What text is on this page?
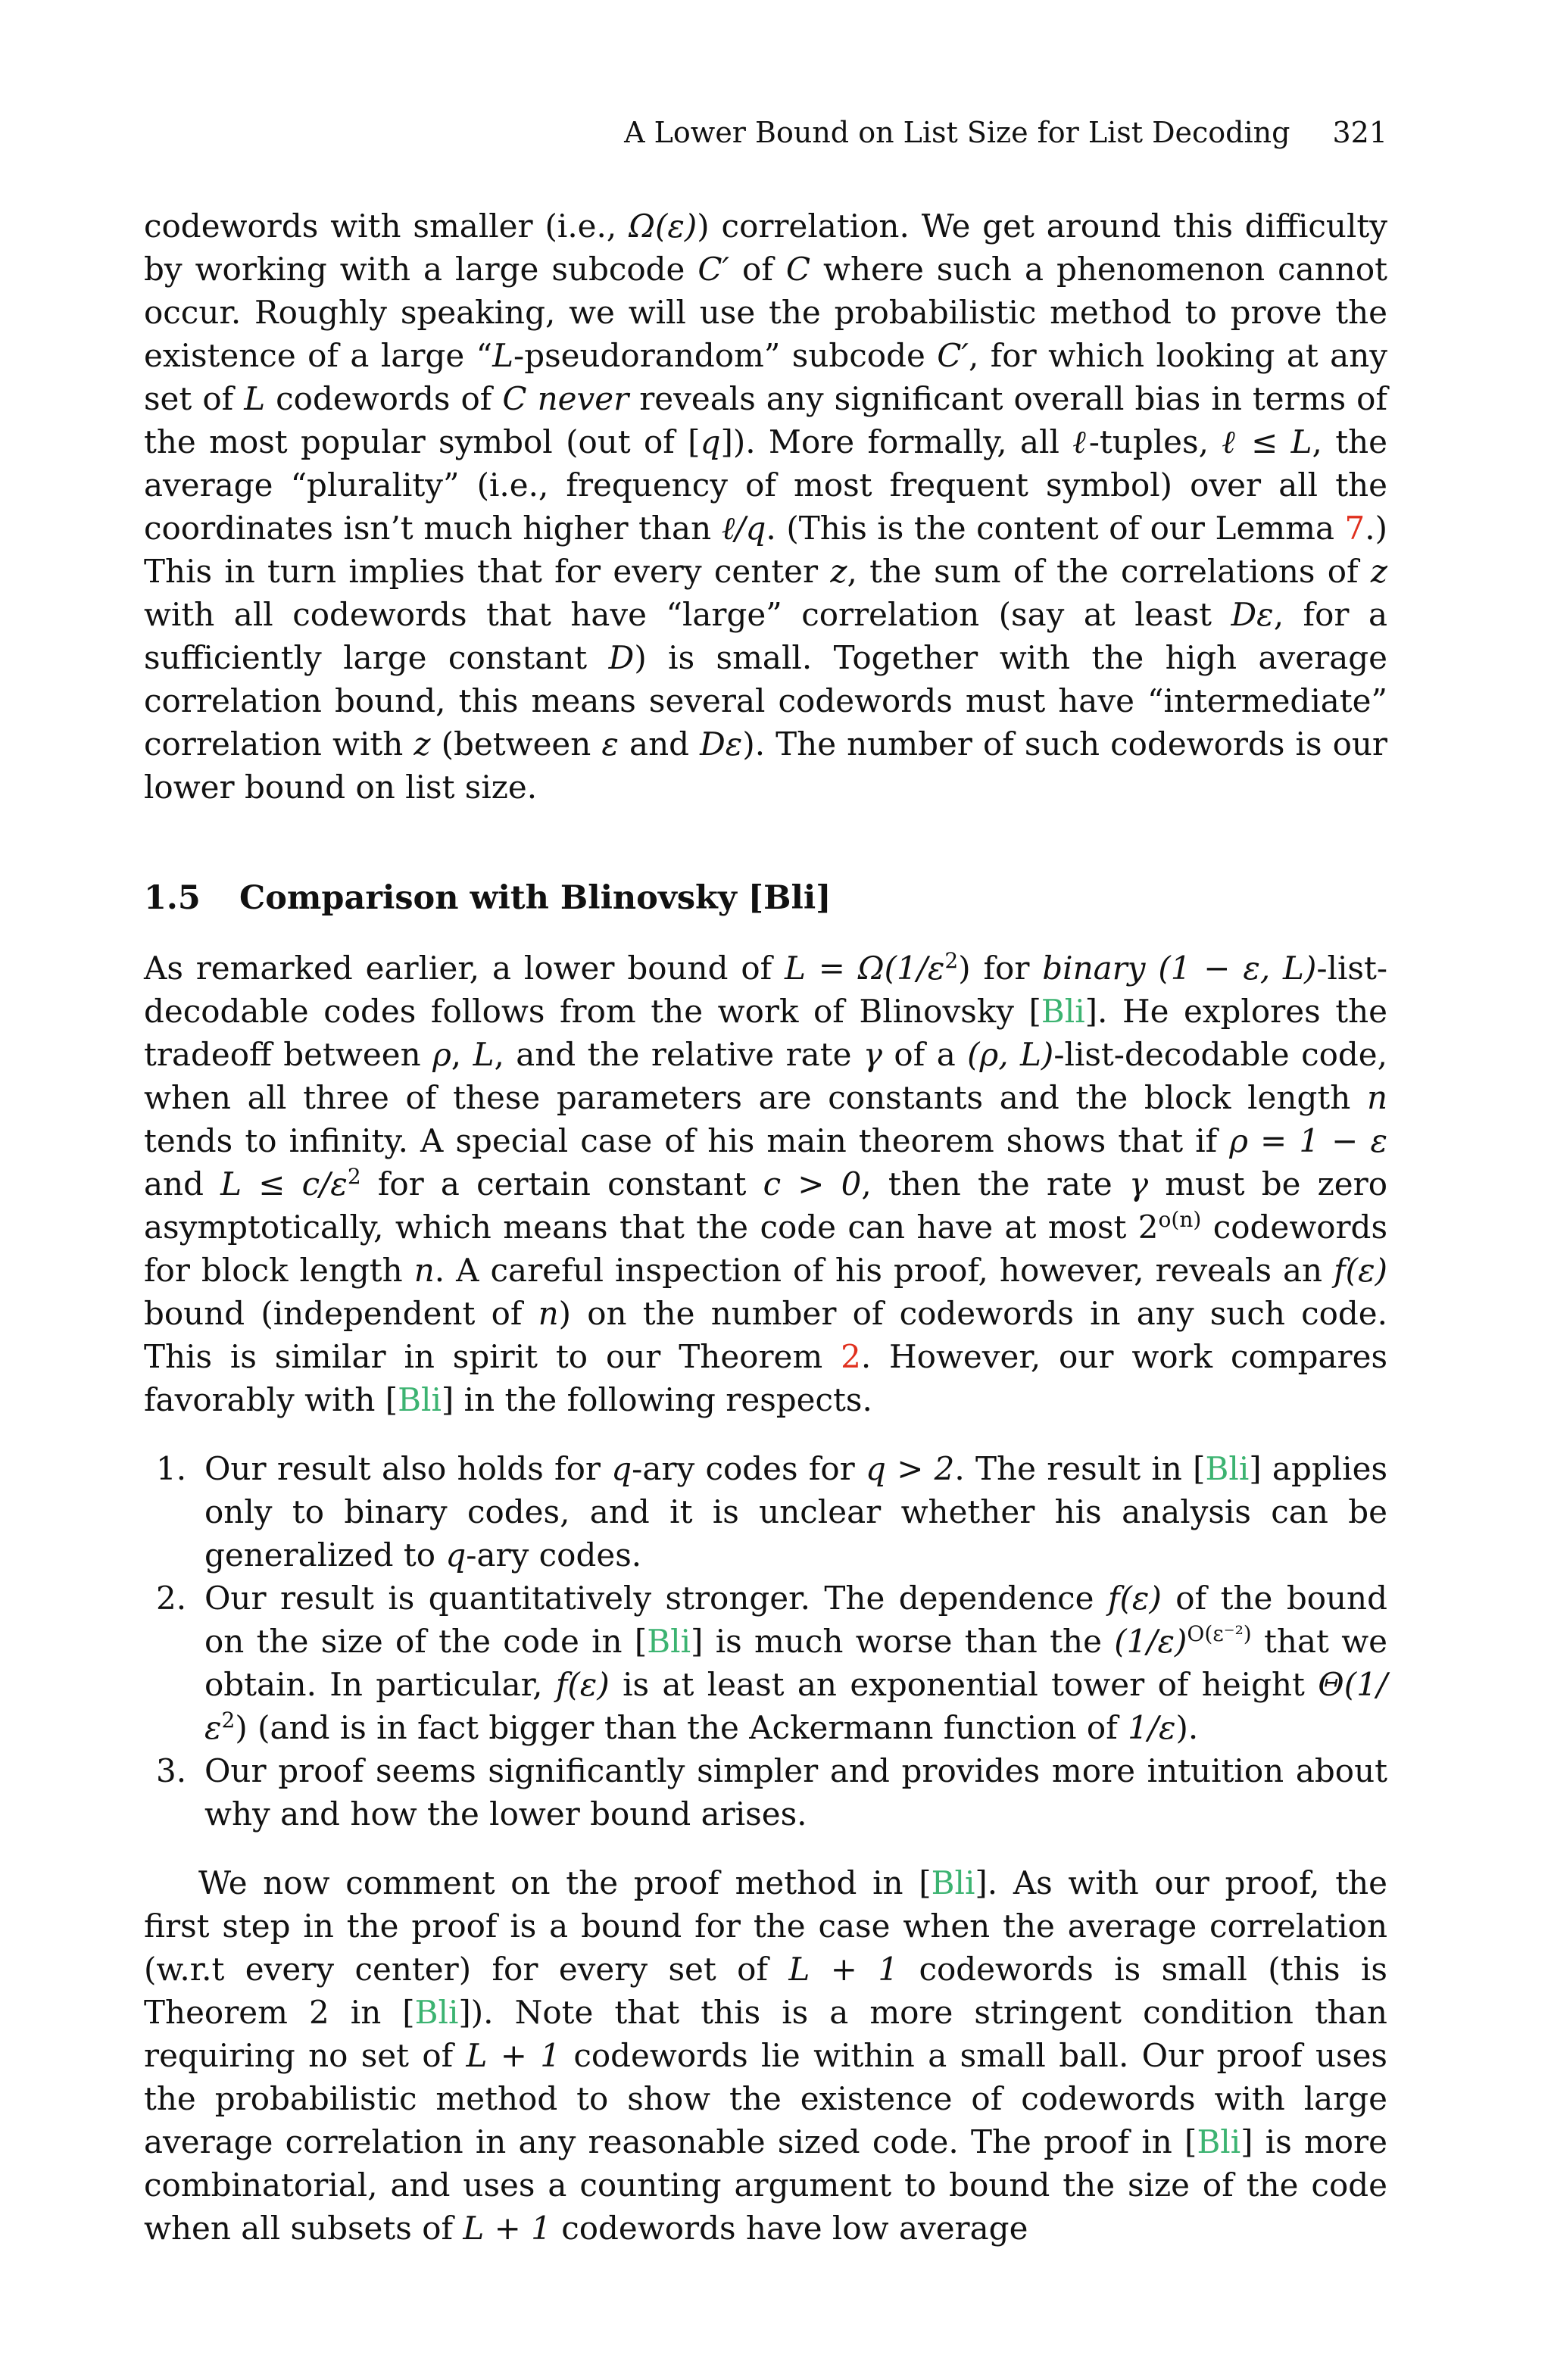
A Lower Bound on List Size for List Decoding 321

codewords with smaller (i.e., Ω(ε)) correlation. We get around this difficulty by working with a large subcode C′ of C where such a phenomenon cannot occur. Roughly speaking, we will use the probabilistic method to prove the existence of a large “L-pseudorandom” subcode C′, for which looking at any set of L codewords of C never reveals any significant overall bias in terms of the most popular symbol (out of [q]). More formally, all ℓ-tuples, ℓ ≤ L, the average “plurality” (i.e., frequency of most frequent symbol) over all the coordinates isn’t much higher than ℓ/q. (This is the content of our Lemma 7.) This in turn implies that for every center z, the sum of the correlations of z with all codewords that have “large” correlation (say at least Dε, for a sufficiently large constant D) is small. Together with the high average correlation bound, this means several codewords must have “intermediate” correlation with z (between ε and Dε). The number of such codewords is our lower bound on list size.

1.5 Comparison with Blinovsky [Bli]

As remarked earlier, a lower bound of $L = \Omega(1/\varepsilon^2)$ for binary (1 − ε, L)-list-decodable codes follows from the work of Blinovsky [Bli]. He explores the tradeoff between ρ, L, and the relative rate γ of a (ρ, L)-list-decodable code, when all three of these parameters are constants and the block length n tends to infinity. A special case of his main theorem shows that if ρ = 1 − ε and $L \le c/\varepsilon^2$ for a certain constant c > 0, then the rate γ must be zero asymptotically, which means that the code can have at most $2^{o(n)}$ codewords for block length n. A careful inspection of his proof, however, reveals an f(ε) bound (independent of n) on the number of codewords in any such code. This is similar in spirit to our Theorem 2. However, our work compares favorably with [Bli] in the following respects.

1. Our result also holds for q-ary codes for q > 2. The result in [Bli] applies only to binary codes, and it is unclear whether his analysis can be generalized to q-ary codes.
2. Our result is quantitatively stronger. The dependence f(ε) of the bound on the size of the code in [Bli] is much worse than the $(1/\varepsilon)^{O(\varepsilon^{-2})}$ that we obtain. In particular, f(ε) is at least an exponential tower of height $\Theta(1/\varepsilon^2)$ (and is in fact bigger than the Ackermann function of 1/ε).
3. Our proof seems significantly simpler and provides more intuition about why and how the lower bound arises.

We now comment on the proof method in [Bli]. As with our proof, the first step in the proof is a bound for the case when the average correlation (w.r.t every center) for every set of L + 1 codewords is small (this is Theorem 2 in [Bli]). Note that this is a more stringent condition than requiring no set of L + 1 codewords lie within a small ball. Our proof uses the probabilistic method to show the existence of codewords with large average correlation in any reasonable sized code. The proof in [Bli] is more combinatorial, and uses a counting argument to bound the size of the code when all subsets of L + 1 codewords have low average
